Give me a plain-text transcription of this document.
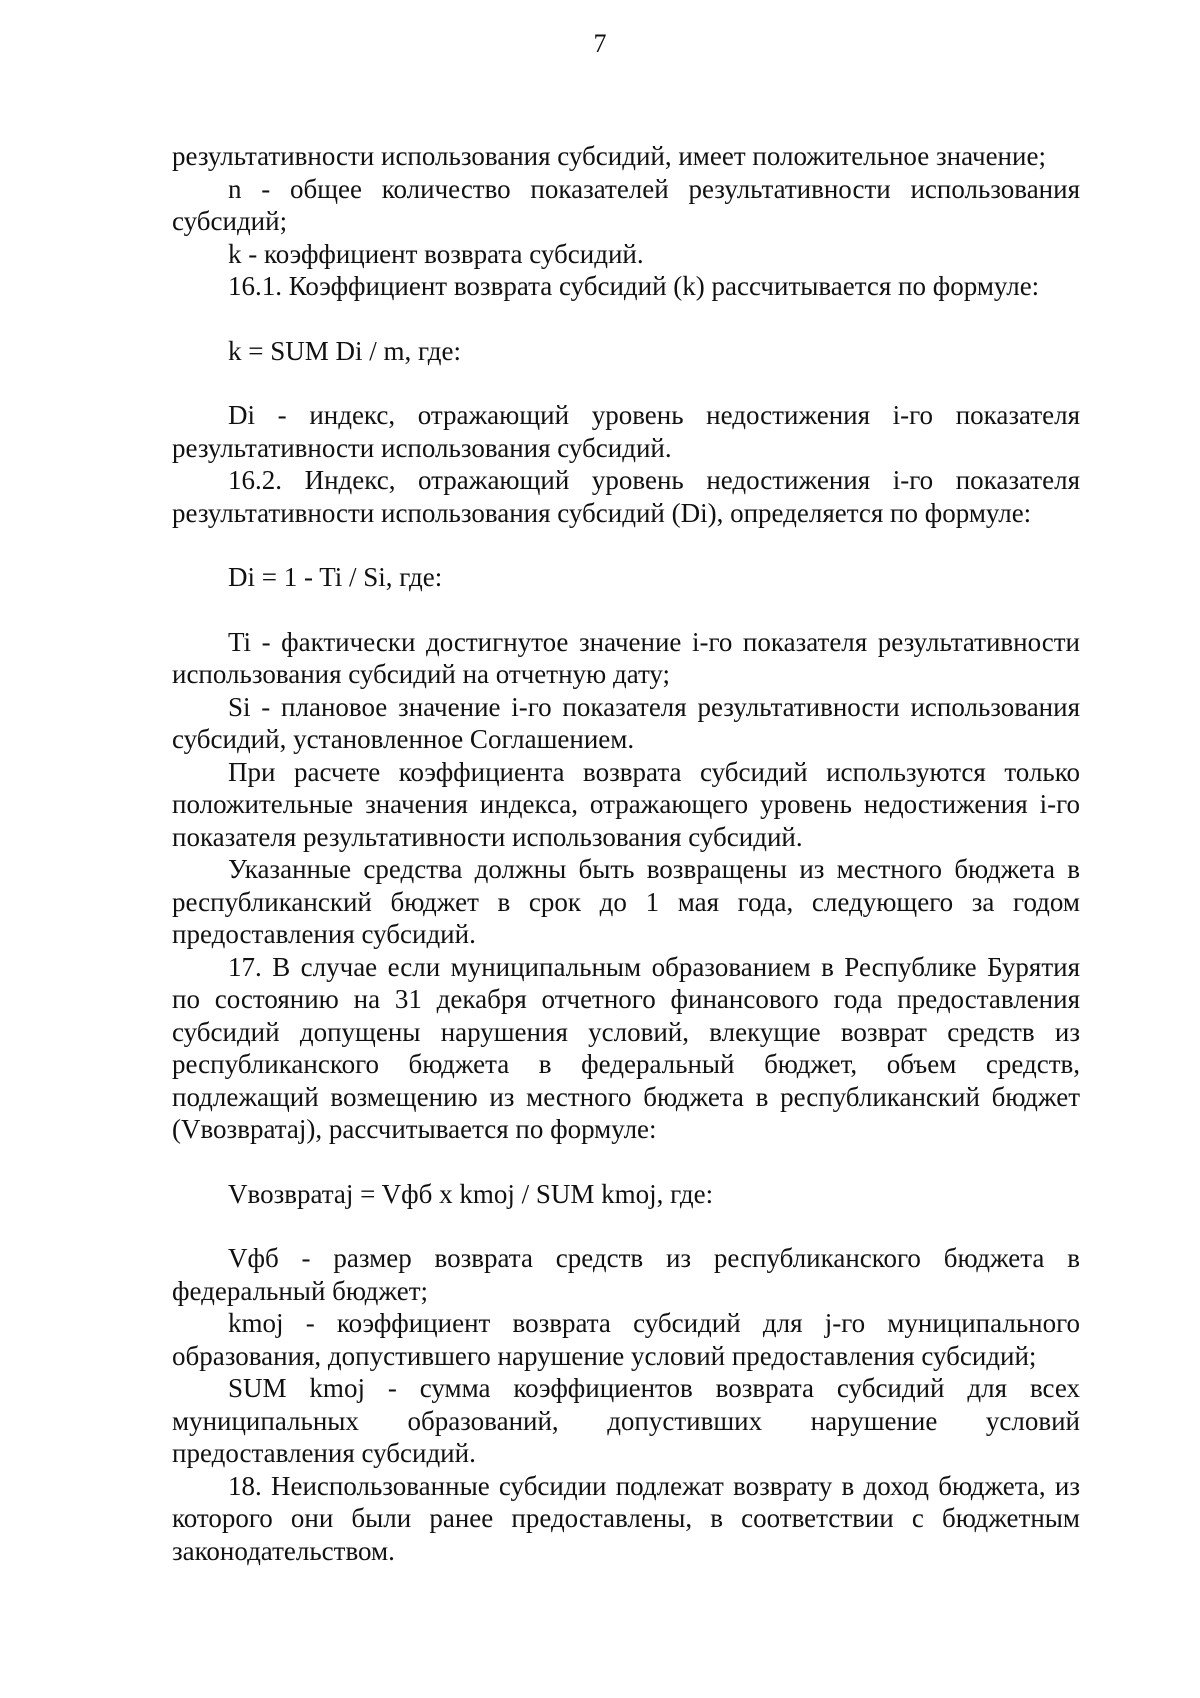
7

результативности использования субсидий, имеет положительное значение;

n - общее количество показателей результативности использования субсидий;

k - коэффициент возврата субсидий.

16.1. Коэффициент возврата субсидий (k) рассчитывается по формуле:

k = SUM Di / m, где:

Di - индекс, отражающий уровень недостижения i-го показателя результативности использования субсидий.

16.2. Индекс, отражающий уровень недостижения i-го показателя результативности использования субсидий (Di), определяется по формуле:

Di = 1 - Ti / Si, где:

Ti - фактически достигнутое значение i-го показателя результативности использования субсидий на отчетную дату;

Si - плановое значение i-го показателя результативности использования субсидий, установленное Соглашением.

При расчете коэффициента возврата субсидий используются только положительные значения индекса, отражающего уровень недостижения i-го показателя результативности использования субсидий.

Указанные средства должны быть возвращены из местного бюджета в республиканский бюджет в срок до 1 мая года, следующего за годом предоставления субсидий.

17. В случае если муниципальным образованием в Республике Бурятия по состоянию на 31 декабря отчетного финансового года предоставления субсидий допущены нарушения условий, влекущие возврат средств из республиканского бюджета в федеральный бюджет, объем средств, подлежащий возмещению из местного бюджета в республиканский бюджет (Vвозвратаj), рассчитывается по формуле:

Vвозвратаj = Vфб x kmoj / SUM kmoj, где:

Vфб - размер возврата средств из республиканского бюджета в федеральный бюджет;

kmoj - коэффициент возврата субсидий для j-го муниципального образования, допустившего нарушение условий предоставления субсидий;

SUM kmoj - сумма коэффициентов возврата субсидий для всех муниципальных образований, допустивших нарушение условий предоставления субсидий.

18. Неиспользованные субсидии подлежат возврату в доход бюджета, из которого они были ранее предоставлены, в соответствии с бюджетным законодательством.
